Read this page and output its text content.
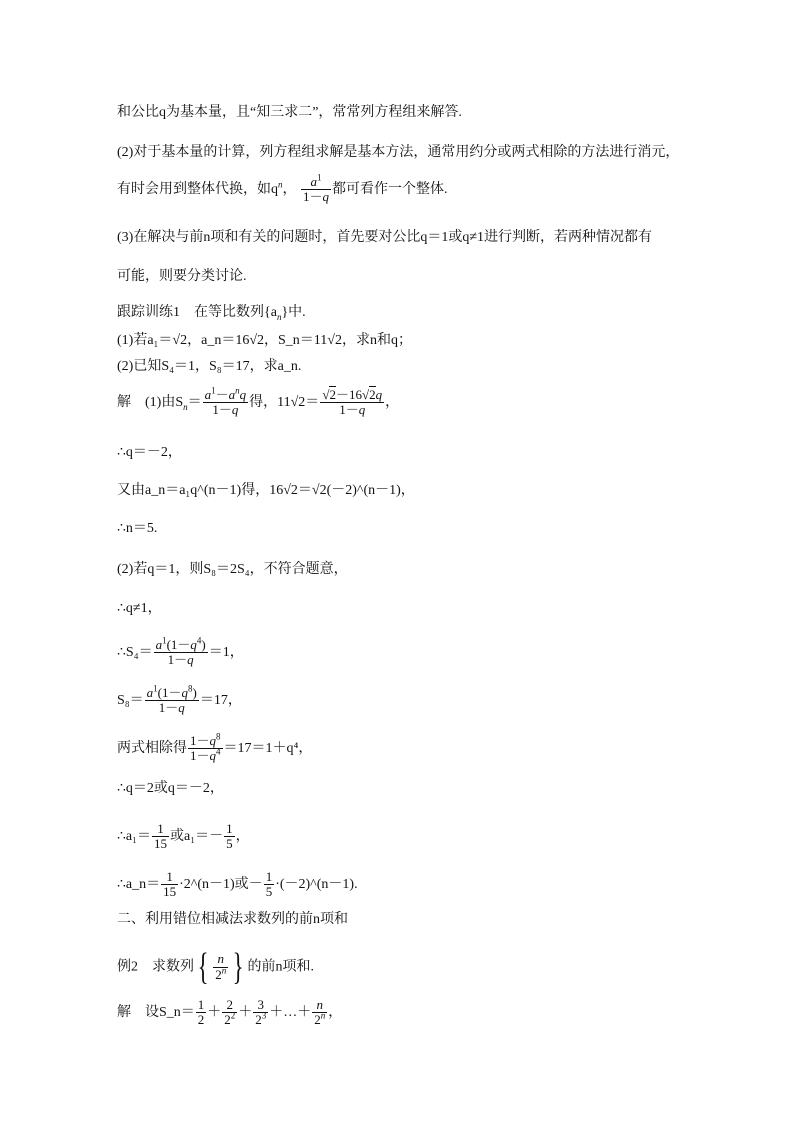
和公比q为基本量，且“知三求二”，常常列方程组来解答.
(2)对于基本量的计算，列方程组求解是基本方法，通常用约分或两式相除的方法进行消元，
有时会用到整体代换，如$q^n$， $\frac{a^1}{1-q}$ 都可看作一个整体.
(3)在解决与前n项和有关的问题时，首先要对公比q＝1或q≠1进行判断，若两种情况都有
可能，则要分类讨论.
跟踪训练1　在等比数列$\{a_n\}$中.
(1)若a₁＝√2，a_n＝16√2，S_n＝11√2，求n和q；
(2)已知S₄＝1，S₈＝17，求a_n.
解　(1)由$S_n= \frac{a^1-a^nq}{1-q}$ 得，$11√2= \frac{√2-16√2q}{1-q}$ ，
∴q＝－2，
又由a_n＝a₁q^(n－1)得，16√2＝√2(－2)^(n－1)，
∴n＝5.
(2)若q＝1，则S₈＝2S₄，不符合题意，
∴q≠1，
∴S₄＝ $\frac{a^1(1-q^4)}{1-q} =1$，
$S_8= \frac{a^1(1-q^8)}{1-q} =17$，
两式相除得 $\frac{1-q^8}{1-q^4} =17=1+q^4$，
∴q＝2或q＝－2，
∴a₁＝ $\frac{1}{15}$ 或$a_1=- \frac{1}{5}$ ，
∴a_n＝ $\frac{1}{15}$ ·2^(n－1)或－ $\frac{1}{5}$ ·(－2)^(n－1).
二、利用错位相减法求数列的前n项和
例2　求数列{ $\frac{n}{2^n}$ } 的前n项和.
解　设S_n＝ $\frac{1}{2} + \frac{2}{2^2} + \frac{3}{2^3}$ ＋…＋ $\frac{n}{2^n}$ ，
